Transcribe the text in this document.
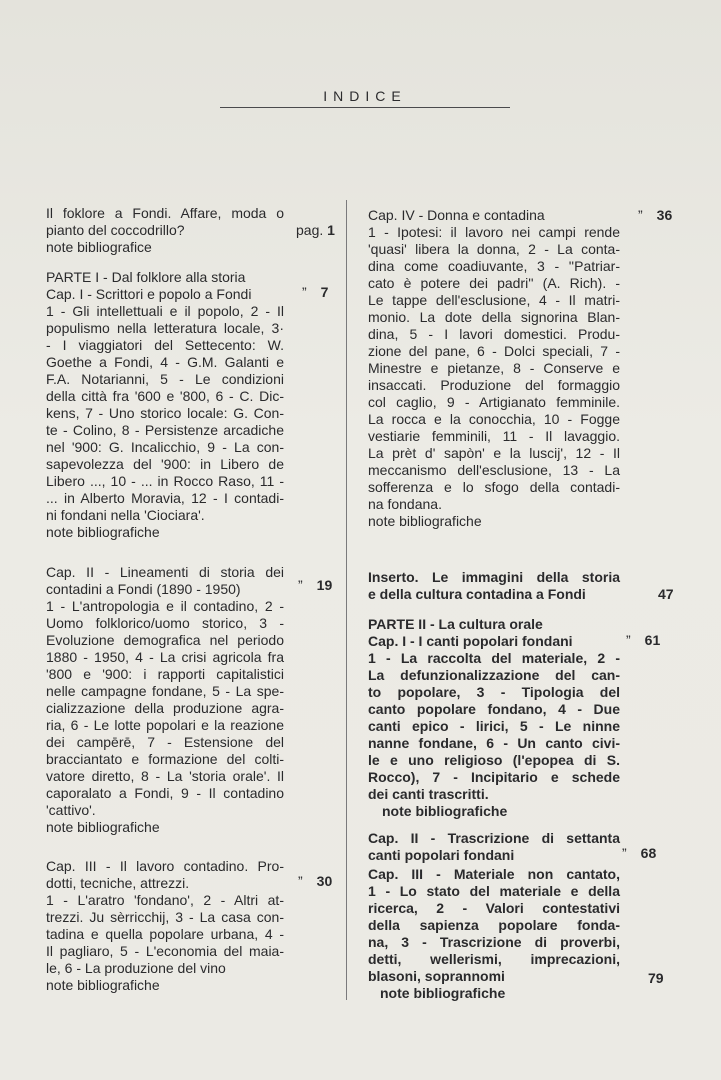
INDICE
Il foklore a Fondi. Affare, moda o
pianto del coccodrillo?
note bibliografice
pag. 1
PARTE I - Dal folklore alla storia
Cap. I - Scrittori e popolo a Fondi
1 - Gli intellettuali e il popolo, 2 - Il
populismo nella letteratura locale, 3·
- I viaggiatori del Settecento: W.
Goethe a Fondi, 4 - G.M. Galanti e
F.A. Notarianni, 5 - Le condizioni
della città fra '600 e '800, 6 - C. Dic-
kens, 7 - Uno storico locale: G. Con-
te - Colino, 8 - Persistenze arcadiche
nel '900: G. Incalicchio, 9 - La con-
sapevolezza del '900: in Libero de
Libero ..., 10 - ... in Rocco Raso, 11 -
... in Alberto Moravia, 12 - I contadi-
ni fondani nella 'Ciociara'.
note bibliografiche
” 7
Cap. II - Lineamenti di storia dei
contadini a Fondi (1890 - 1950)
1 - L'antropologia e il contadino, 2 -
Uomo folklorico/uomo storico, 3 -
Evoluzione demografica nel periodo
1880 - 1950, 4 - La crisi agricola fra
'800 e '900: i rapporti capitalistici
nelle campagne fondane, 5 - La spe-
cializzazione della produzione agra-
ria, 6 - Le lotte popolari e la reazione
dei campērē, 7 - Estensione del
bracciantato e formazione del colti-
vatore diretto, 8 - La 'storia orale'. Il
caporalato a Fondi, 9 - Il contadino
'cattivo'.
note bibliografiche
” 19
Cap. III - Il lavoro contadino. Pro-
dotti, tecniche, attrezzi.
1 - L'aratro 'fondano', 2 - Altri at-
trezzi. Ju sèrricchij, 3 - La casa con-
tadina e quella popolare urbana, 4 -
Il pagliaro, 5 - L'economia del maia-
le, 6 - La produzione del vino
note bibliografiche
” 30
Cap. IV - Donna e contadina
1 - Ipotesi: il lavoro nei campi rende
'quasi' libera la donna, 2 - La conta-
dina come coadiuvante, 3 - ''Patriar-
cato è potere dei padri'' (A. Rich). -
Le tappe dell'esclusione, 4 - Il matri-
monio. La dote della signorina Blan-
dina, 5 - I lavori domestici. Produ-
zione del pane, 6 - Dolci speciali, 7 -
Minestre e pietanze, 8 - Conserve e
insaccati. Produzione del formaggio
col caglio, 9 - Artigianato femminile.
La rocca e la conocchia, 10 - Fogge
vestiarie femminili, 11 - Il lavaggio.
La prèt d' sapòn' e la luscij', 12 - Il
meccanismo dell'esclusione, 13 - La
sofferenza e lo sfogo della contadi-
na fondana.
note bibliografiche
” 36
Inserto. Le immagini della storia
e della cultura contadina a Fondi	47
PARTE II - La cultura orale
Cap. I - I canti popolari fondani
1 - La raccolta del materiale, 2 -
La defunzionalizzazione del can-
to popolare, 3 - Tipologia del
canto popolare fondano, 4 - Due
canti epico - lirici, 5 - Le ninne
nanne fondane, 6 - Un canto civi-
le e uno religioso (l'epopea di S.
Rocco), 7 - Incipitario e schede
dei canti trascritti.
note bibliografiche
” 61
Cap. II - Trascrizione di settanta
canti popolari fondani	” 68
Cap. III - Materiale non cantato,
1 - Lo stato del materiale e della
ricerca, 2 - Valori contestativi
della sapienza popolare fonda-
na, 3 - Trascrizione di proverbi,
detti, wellerismi, imprecazioni,
blasoni, soprannomi
note bibliografiche
79
